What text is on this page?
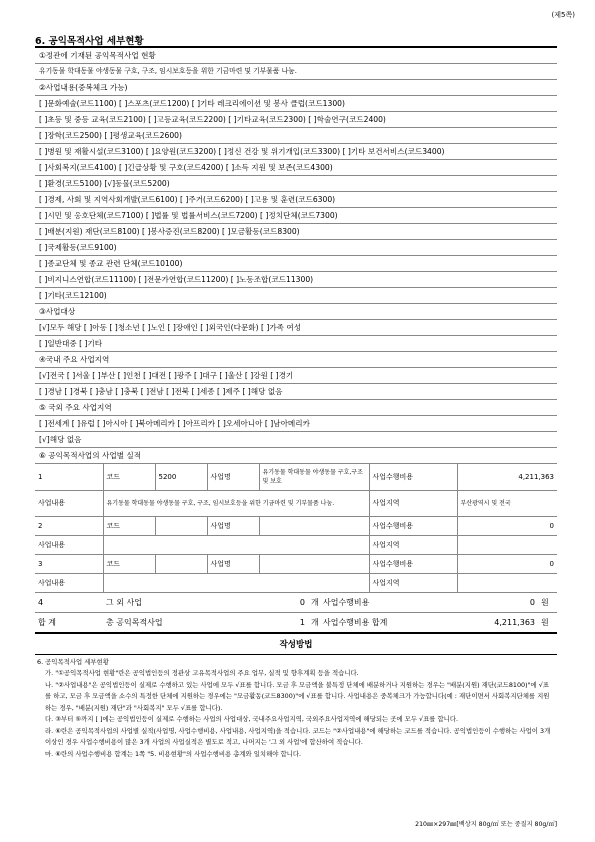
(제5쪽)
6. 공익목적사업 세부현황
①정관에 기재된 공익목적사업 현황
유기동물 학대동물 야생동물 구호, 구조, 임시보호등을 위한 기금마련 및 기부물품 나눔.
②사업내용(중복체크 가능)
[ ]문화예술(코드1100) [ ]스포츠(코드1200) [ ]기타 레크리에이션 및 봉사 클럽(코드1300)
[ ]초등 및 중등 교육(코드2100) [ ]고등교육(코드2200) [ ]기타교육(코드2300) [ ]학술연구(코드2400)
[ ]장학(코드2500) [ ]평생교육(코드2600)
[ ]병원 및 재활시설(코드3100) [ ]요양원(코드3200) [ ]정신 건강 및 위기개입(코드3300) [ ]기타 보건서비스(코드3400)
[ ]사회복지(코드4100) [ ]긴급상황 및 구호(코드4200) [ ]소득 지원 및 보존(코드4300)
[ ]환경(코드5100) [√]동물(코드5200)
[ ]경제, 사회 및 지역사회개발(코드6100) [ ]주거(코드6200) [ ]고용 및 훈련(코드6300)
[ ]시민 및 옹호단체(코드7100) [ ]법률 및 법률서비스(코드7200) [ ]정치단체(코드7300)
[ ]배분(지원) 재단(코드8100) [ ]봉사증진(코드8200) [ ]모금활동(코드8300)
[ ]국제활동(코드9100)
[ ]종교단체 및 종교 관련 단체(코드10100)
[ ]비지니스연합(코드11100) [ ]전문가연합(코드11200) [ ]노동조합(코드11300)
[ ]기타(코드12100)
③사업대상
[√]모두 해당 [ ]아동 [ ]청소년 [ ]노인 [ ]장애인 [ ]외국인(다문화) [ ]가족 여성
[ ]일반대중 [ ]기타
④국내 주요 사업지역
[√]전국 [ ]서울 [ ]부산 [ ]인천 [ ]대전 [ ]광주 [ ]대구 [ ]울산 [ ]강원 [ ]경기
[ ]경남 [ ]경북 [ ]충남 [ ]충북 [ ]전남 [ ]전북 [ ]세종 [ ]제주 [ ]해당 없음
⑤ 국외 주요 사업지역
[ ]전세계 [ ]유럽 [ ]아시아 [ ]북아메리카 [ ]아프리카 [ ]오세아니아 [ ]남아메리카
[√]해당 없음
⑥ 공익목적사업의 사업별 실적
1	코드	5200	사업명	유기동물 학대동물 야생동물 구호,구조 및 보호	사업수행비용	4,211,363
사업내용	유기동물 학대동물 야생동물 구호, 구조, 임시보호등을 위한 기금마련 및 기부물품 나눔.				사업지역	부산광역시 및 전국
2	코드		사업명		사업수행비용	0
사업내용					사업지역	
3	코드		사업명		사업수행비용	0
사업내용					사업지역	
4	그 외 사업	0	개	사업수행비용	0	원
합 계	총 공익목적사업	1	개	사업수행비용 합계	4,211,363	원
작성방법

6. 공익목적사업 세부현황

가. "①공익목적사업 현황"란은 공익법인등의 정관상 고유목적사업의 주요 업무, 실적 및 향후계획 등을 적습니다.

나. "②사업내용"은 공익법인등이 실제로 수행하고 있는 사업에 모두 √표를 합니다. 모금 후 모금액을 불특정 단체에 배분하거나 지원하는 경우는 "배분(지원) 재단(코드8100)"에 √표를 하고, 모금 후 모금액을 소수의 특정한 단체에 지원하는 경우에는 "모금활동(코드8300)"에 √표를 합니다. 사업내용은 중복체크가 가능합니다(예 : 재단이면서 사회복지단체를 지원하는 경우, "배분(지원) 재단"과 "사회복지" 모두 √표를 합니다).

다. ③부터 ⑤까지 [ ]에는 공익법인등이 실제로 수행하는 사업의 사업대상, 국내주요사업지역, 국외주요사업지역에 해당되는 곳에 모두 √표를 합니다.

라. ⑥란은 공익목적사업의 사업별 실적(사업명, 사업수행비용, 사업내용, 사업지역)을 적습니다. 코드는 "②사업내용"에 해당하는 코드를 적습니다. 공익법인등이 수행하는 사업이 3개 이상인 경우 사업수행비용이 많은 3개 사업의 사업실적은 별도로 적고, 나머지는 '그 외 사업'에 합산하여 적습니다.

마. ⑥란의 사업수행비용 합계는 1쪽 "5. 비용현황"의 사업수행비용 총계와 일치해야 합니다.

210㎜×297㎜[백상지 80g/㎡ 또는 중질지 80g/㎡]
